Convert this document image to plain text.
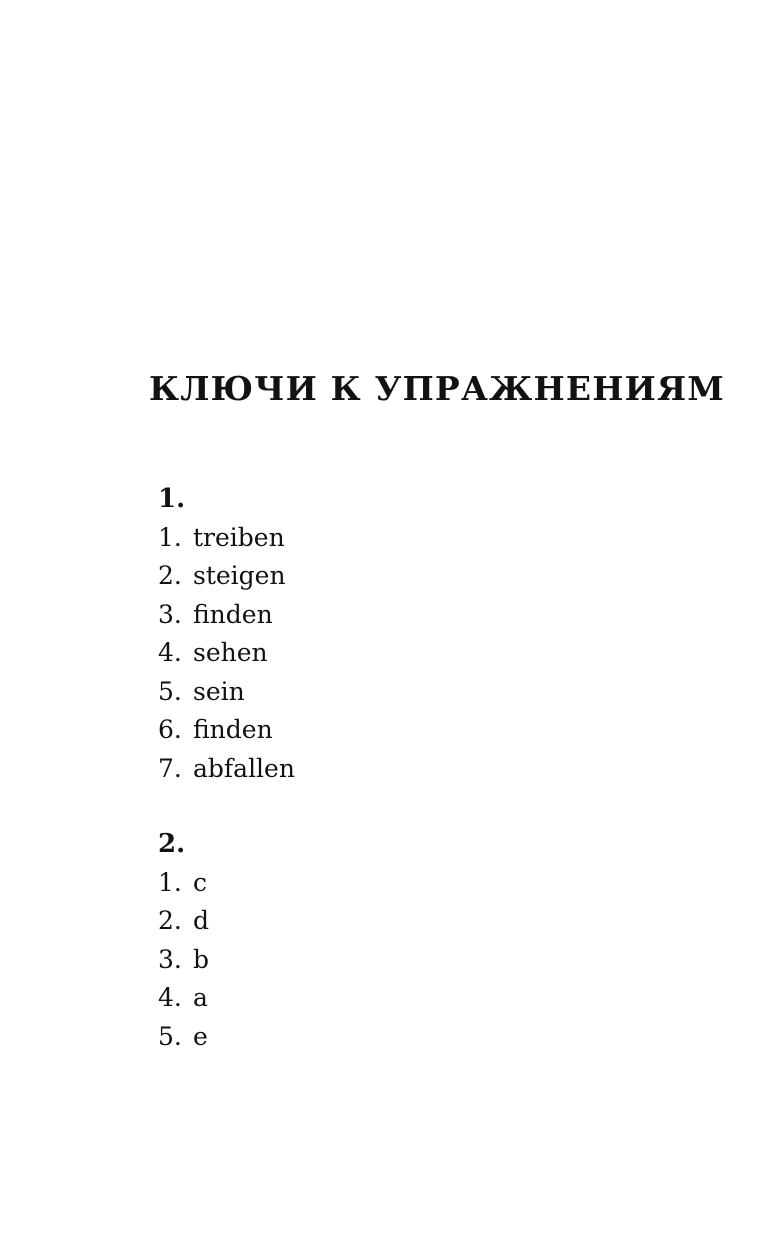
КЛЮЧИ К УПРАЖНЕНИЯМ
1.
1. treiben
2. steigen
3. finden
4. sehen
5. sein
6. finden
7. abfallen
2.
1. c
2. d
3. b
4. a
5. e
